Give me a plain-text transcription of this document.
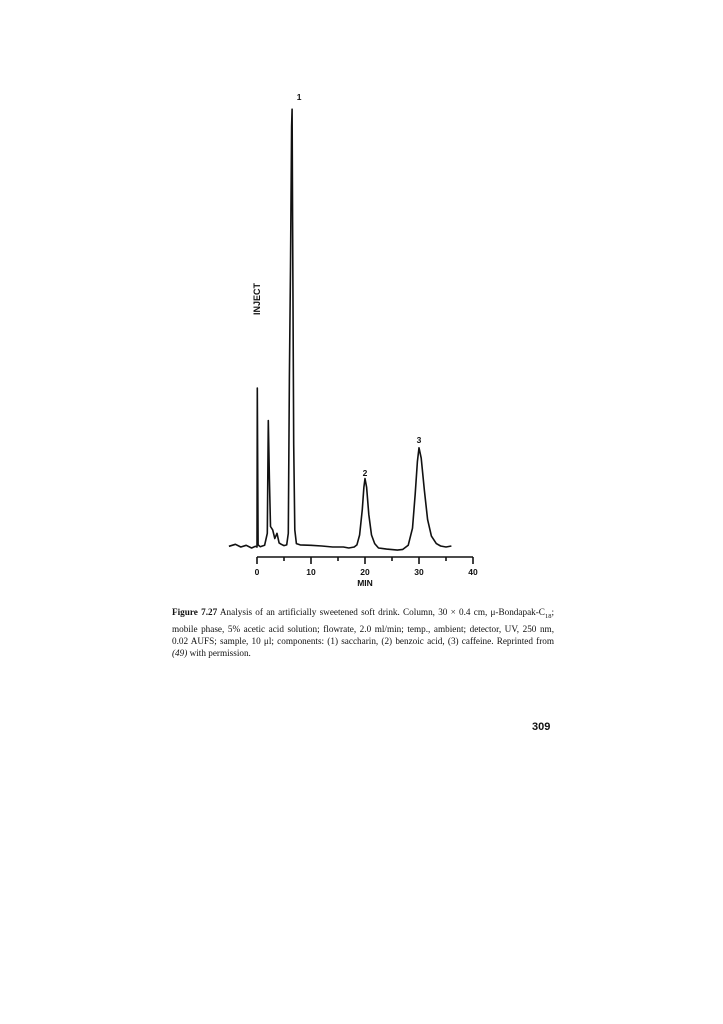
0	10	20	30	40
MIN
INJECT
1
2
3

Figure 7.27 Analysis of an artificially sweetened soft drink. Column, 30 × 0.4 cm, $\mu-Bondapak-C_{18}$; mobile phase, 5% acetic acid solution; flowrate, 2.0 ml/min; temp., ambient; detector, UV, 250 nm, 0.02 AUFS; sample, 10 μl; components: (1) saccharin, (2) benzoic acid, (3) caffeine. Reprinted from (49) with permission.

309
